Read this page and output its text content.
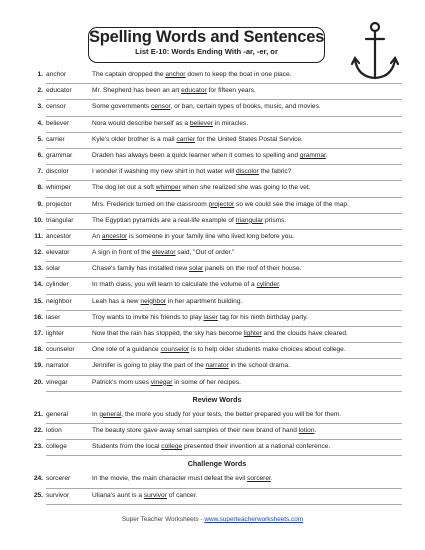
Spelling Words and Sentences
List E-10: Words Ending With -ar, -er, or
1. anchor	The captain dropped the anchor down to keep the boat in one place.
2. educator	Mr. Shepherd has been an art educator for fifteen years.
3. censor	Some governments censor, or ban, certain types of books, music, and movies.
4. believer	Nora would describe herself as a believer in miracles.
5. carrier	Kyle's older brother is a mail carrier for the United States Postal Service.
6. grammar	Draden has always been a quick learner when it comes to spelling and grammar.
7. discolor	I wonder if washing my new shirt in hot water will discolor the fabric?
8. whimper	The dog let out a soft whimper when she realized she was going to the vet.
9. projector	Mrs. Frederick turned on the classroom projector so we could see the image of the map.
10. triangular	The Egyptian pyramids are a real-life example of triangular prisms.
11. ancestor	An ancestor is someone in your family line who lived long before you.
12. elevator	A sign in front of the elevator said, "Out of order."
13. solar	Chase's family has installed new solar panels on the roof of their house.
14. cylinder	In math class, you will learn to calculate the volume of a cylinder.
15. neighbor	Leah has a new neighbor in her apartment building.
16. laser	Troy wants to invite his friends to play laser tag for his ninth birthday party.
17. lighter	Now that the rain has stopped, the sky has become lighter and the clouds have cleared.
18. counselor	One role of a guidance counselor is to help older students make choices about college.
19. narrator	Jennifer is going to play the part of the narrator in the school drama.
20. vinegar	Patrick's mom uses vinegar in some of her recipes.
Review Words
21. general	In general, the more you study for your tests, the better prepared you will be for them.
22. lotion	The beauty store gave away small samples of their new brand of hand lotion.
23. college	Students from the local college presented their invention at a national conference.
Challenge Words
24. sorcerer	In the movie, the main character must defeat the evil sorcerer.
25. survivor	Uliana's aunt is a survivor of cancer.
Super Teacher Worksheets - www.superteacherworksheets.com
